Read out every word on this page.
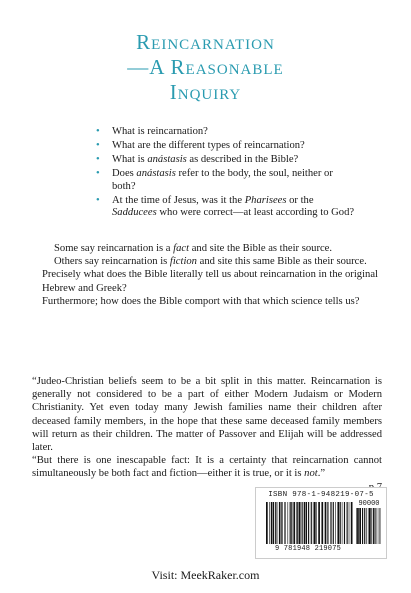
Reincarnation
—A Reasonable
Inquiry
• What is reincarnation?
• What are the different types of reincarnation?
• What is anástasis as described in the Bible?
• Does anástasis refer to the body, the soul, neither or both?
• At the time of Jesus, was it the Pharisees or the Sadducees who were correct—at least according to God?

Some say reincarnation is a fact and site the Bible as their source.

Others say reincarnation is fiction and site this same Bible as their source.

Precisely what does the Bible literally tell us about reincarnation in the original Hebrew and Greek?

Furthermore; how does the Bible comport with that which science tells us?

“Judeo-Christian beliefs seem to be a bit split in this matter. Reincarnation is generally not considered to be a part of either Modern Judaism or Modern Christianity. Yet even today many Jewish families name their children after deceased family members, in the hope that these same deceased family members will return as their children. The matter of Passover and Elijah will be addressed later.

“But there is one inescapable fact: It is a certainty that reincarnation cannot simultaneously be both fact and fiction—either it is true, or it is not.”

ISBN 978-1-948219-07-5
90000
9 781948 219075
Visit: MeekRaker.com
